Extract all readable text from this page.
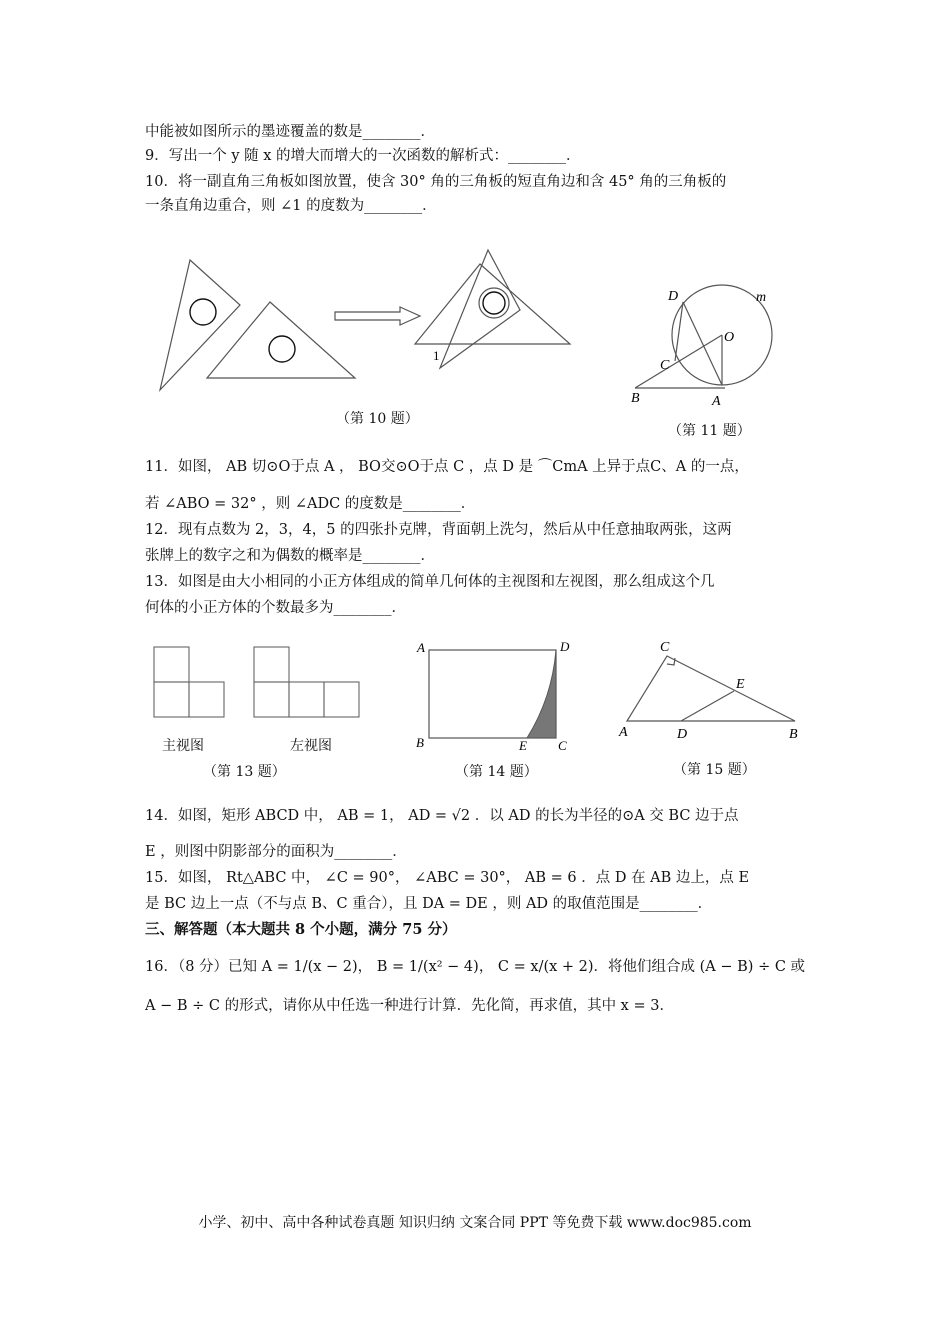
中能被如图所示的墨迹覆盖的数是________．
9．写出一个 y 随 x 的增大而增大的一次函数的解析式：________．
10．将一副直角三角板如图放置，使含 30° 角的三角板的短直角边和含 45° 角的三角板的
一条直角边重合，则 ∠1 的度数为________．
1
（第 10 题）
D	m
O
C
B	A
（第 11 题）
11．如图， AB 切⊙O于点 A ， BO交⊙O于点 C ，点 D 是 ⌒CmA 上异于点C、A 的一点，
若 ∠ABO = 32° ，则 ∠ADC 的度数是________．
12．现有点数为 2，3，4，5 的四张扑克牌，背面朝上洗匀，然后从中任意抽取两张，这两
张牌上的数字之和为偶数的概率是________．
13．如图是由大小相同的小正方体组成的简单几何体的主视图和左视图，那么组成这个几
何体的小正方体的个数最多为________．
主视图	左视图
（第 13 题）
A	D
B	E C
（第 14 题）
C
E
A	D	B
（第 15 题）
14．如图，矩形 ABCD 中， AB = 1， AD = √2 ．以 AD 的长为半径的⊙A 交 BC 边于点
E ，则图中阴影部分的面积为________．
15．如图， Rt△ABC 中， ∠C = 90°， ∠ABC = 30°， AB = 6 ．点 D 在 AB 边上，点 E
是 BC 边上一点（不与点 B、C 重合），且 DA = DE ，则 AD 的取值范围是________．
三、解答题（本大题共 8 个小题，满分 75 分）
16．（8 分）已知 A = 1/(x − 2)， B = 1/(x² − 4)， C = x/(x + 2)．将他们组合成 (A − B) ÷ C 或
A − B ÷ C 的形式，请你从中任选一种进行计算．先化简，再求值，其中 x = 3．
小学、初中、高中各种试卷真题 知识归纳 文案合同 PPT 等免费下载 www.doc985.com
